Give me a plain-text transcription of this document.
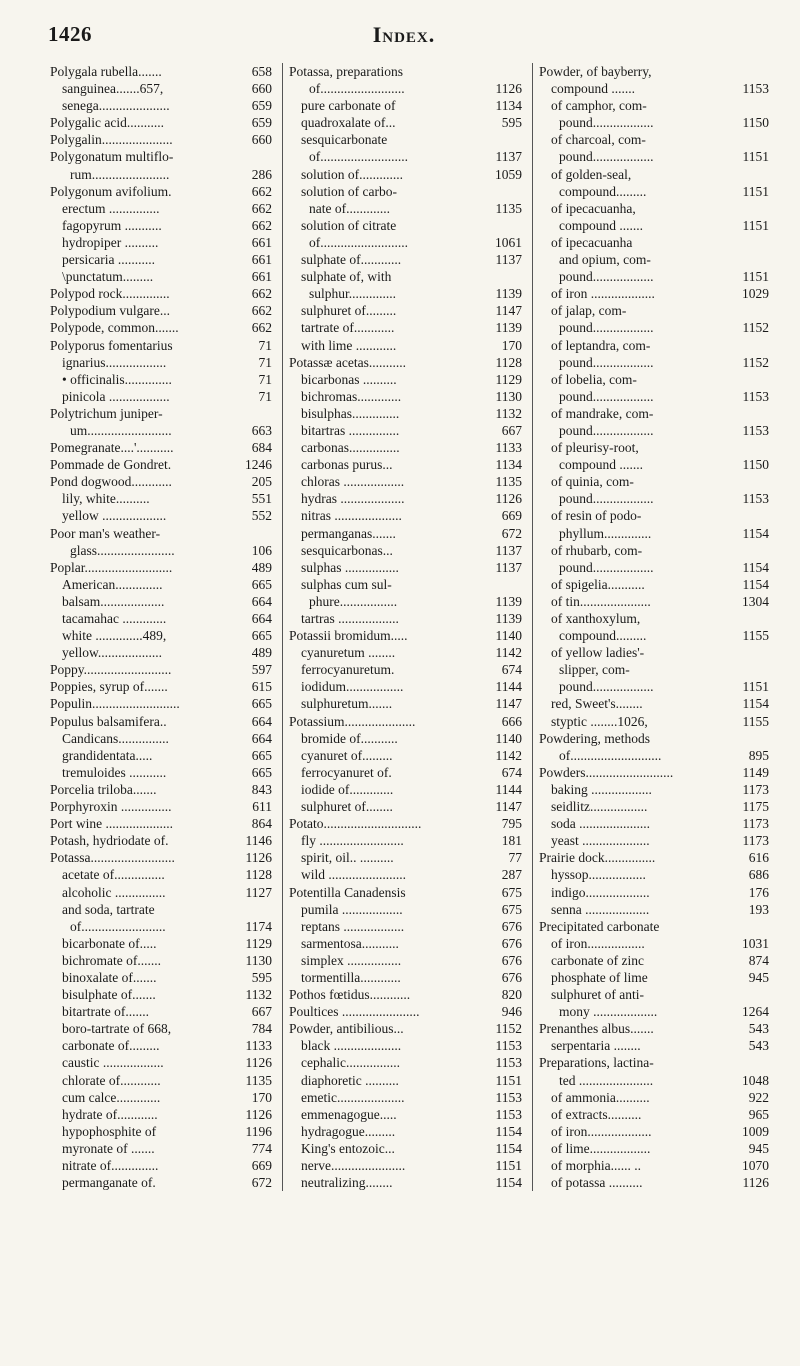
1426	Index.
Polygala rubella.......	658
sanguinea.......657,	660
senega.....................	659
Polygalic acid...........	659
Polygalin.....................	660
Polygonatum multiflo-
rum.......................	286
Polygonum avifolium.	662
erectum ...............	662
fagopyrum ...........	662
hydropiper ..........	661
persicaria ...........	661
\punctatum.........	661
Polypod rock..............	662
Polypodium vulgare...	662
Polypode, common.......	662
Polyporus fomentarius	71
ignarius..................	71
• officinalis..............	71
pinicola ..................	71
Polytrichum juniper-
um.........................	663
Pomegranate....'...........	684
Pommade de Gondret.	1246
Pond dogwood............	205
lily, white..........	551
yellow ...................	552
Poor man's weather-
glass.......................	106
Poplar..........................	489
American..............	665
balsam...................	664
tacamahac .............	664
white ..............489,	665
yellow...................	489
Poppy..........................	597
Poppies, syrup of.......	615
Populin..........................	665
Populus balsamifera..	664
Candicans...............	664
grandidentata.....	665
tremuloides ...........	665
Porcelia triloba.......	843
Porphyroxin ...............	611
Port wine ....................	864
Potash, hydriodate of.	1146
Potassa.........................	1126
acetate of...............	1128
alcoholic ...............	1127
and soda, tartrate
of.........................	1174
bicarbonate of.....	1129
bichromate of.......	1130
binoxalate of.......	595
bisulphate of.......	1132
bitartrate of.......	667
boro-tartrate of 668,	784
carbonate of.........	1133
caustic ..................	1126
chlorate of............	1135
cum calce.............	170
hydrate of............	1126
hypophosphite of	1196
myronate of .......	774
nitrate of..............	669
permanganate of.	672
Potassa, preparations
of.........................	1126
pure carbonate of	1134
quadroxalate of...	595
sesquicarbonate
of..........................	1137
solution of.............	1059
solution of carbo-
nate of.............	1135
solution of citrate
of..........................	1061
sulphate of............	1137
sulphate of, with
sulphur..............	1139
sulphuret of.........	1147
tartrate of............	1139
with lime ............	170
Potassæ acetas...........	1128
bicarbonas ..........	1129
bichromas.............	1130
bisulphas..............	1132
bitartras ...............	667
carbonas...............	1133
carbonas purus...	1134
chloras ..................	1135
hydras ...................	1126
nitras ....................	669
permanganas.......	672
sesquicarbonas...	1137
sulphas ................	1137
sulphas cum sul-
phure.................	1139
tartras ..................	1139
Potassii bromidum.....	1140
cyanuretum ........	1142
ferrocyanuretum.	674
iodidum.................	1144
sulphuretum.......	1147
Potassium.....................	666
bromide of...........	1140
cyanuret of.........	1142
ferrocyanuret of.	674
iodide of.............	1144
sulphuret of........	1147
Potato.............................	795
fly .........................	181
spirit, oil.. ..........	77
wild .......................	287
Potentilla Canadensis	675
pumila ..................	675
reptans ..................	676
sarmentosa...........	676
simplex ................	676
tormentilla............	676
Pothos fœtidus............	820
Poultices .......................	946
Powder, antibilious...	1152
black ....................	1153
cephalic................	1153
diaphoretic ..........	1151
emetic....................	1153
emmenagogue.....	1153
hydragogue.........	1154
King's entozoic...	1154
nerve......................	1151
neutralizing........	1154
Powder, of bayberry,
compound .......	1153
of camphor, com-
pound..................	1150
of charcoal, com-
pound..................	1151
of golden-seal,
compound.........	1151
of ipecacuanha,
compound .......	1151
of ipecacuanha
and opium, com-
pound..................	1151
of iron ...................	1029
of jalap, com-
pound..................	1152
of leptandra, com-
pound..................	1152
of lobelia, com-
pound..................	1153
of mandrake, com-
pound..................	1153
of pleurisy-root,
compound .......	1150
of quinia, com-
pound..................	1153
of resin of podo-
phyllum..............	1154
of rhubarb, com-
pound..................	1154
of spigelia...........	1154
of tin.....................	1304
of xanthoxylum,
compound.........	1155
of yellow ladies'-
slipper, com-
pound..................	1151
red, Sweet's........	1154
styptic ........1026,	1155
Powdering, methods
of...........................	895
Powders..........................	1149
baking ..................	1173
seidlitz.................	1175
soda .....................	1173
yeast ....................	1173
Prairie dock...............	616
hyssop.................	686
indigo...................	176
senna ...................	193
Precipitated carbonate
of iron.................	1031
carbonate of zinc	874
phosphate of lime	945
sulphuret of anti-
mony ...................	1264
Prenanthes albus.......	543
serpentaria ........	543
Preparations, lactina-
ted ......................	1048
of ammonia..........	922
of extracts..........	965
of iron...................	1009
of lime..................	945
of morphia...... ..	1070
of potassa ..........	1126
